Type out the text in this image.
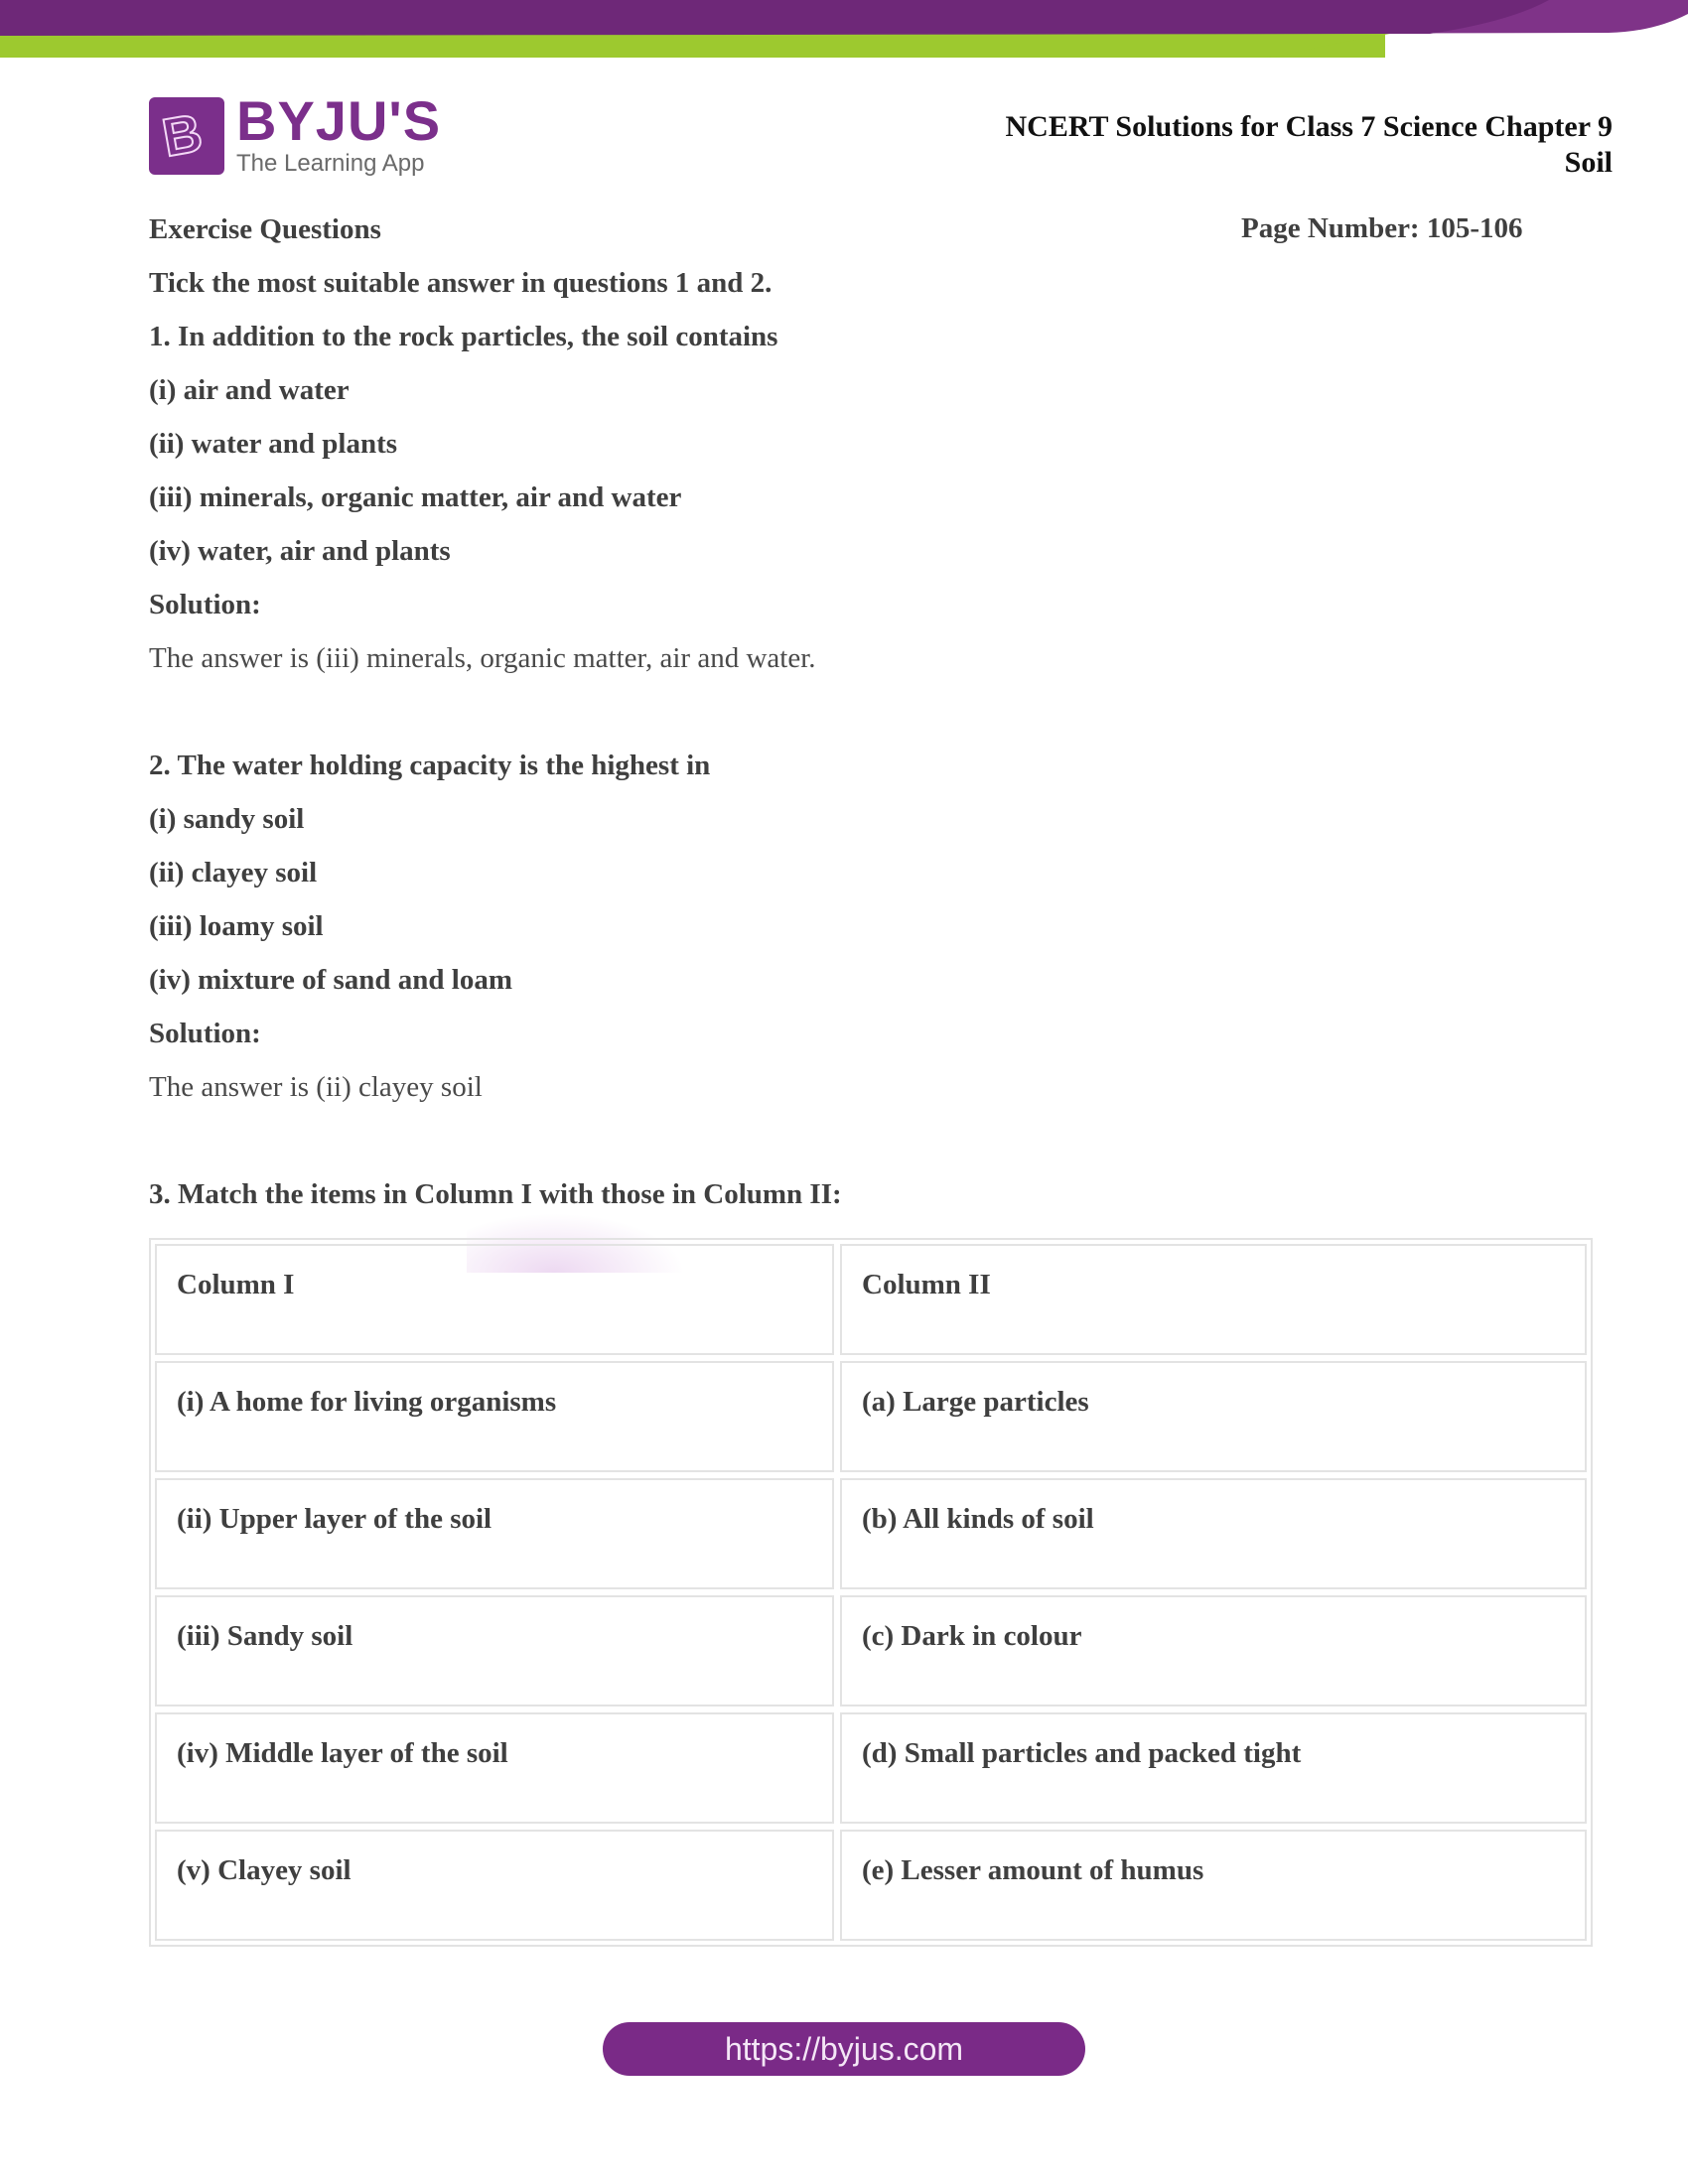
B BYJU'S
The Learning App
NCERT Solutions for Class 7 Science Chapter 9
Soil
Page Number: 105-106
Exercise Questions
Tick the most suitable answer in questions 1 and 2.
1. In addition to the rock particles, the soil contains
(i) air and water
(ii) water and plants
(iii) minerals, organic matter, air and water
(iv) water, air and plants
Solution:
The answer is (iii) minerals, organic matter, air and water.
2. The water holding capacity is the highest in
(i) sandy soil
(ii) clayey soil
(iii) loamy soil
(iv) mixture of sand and loam
Solution:
The answer is (ii) clayey soil
3. Match the items in Column I with those in Column II:
Column I	Column II
(i) A home for living organisms	(a) Large particles
(ii) Upper layer of the soil	(b) All kinds of soil
(iii) Sandy soil	(c) Dark in colour
(iv) Middle layer of the soil	(d) Small particles and packed tight
(v) Clayey soil	(e) Lesser amount of humus
https://byjus.com
